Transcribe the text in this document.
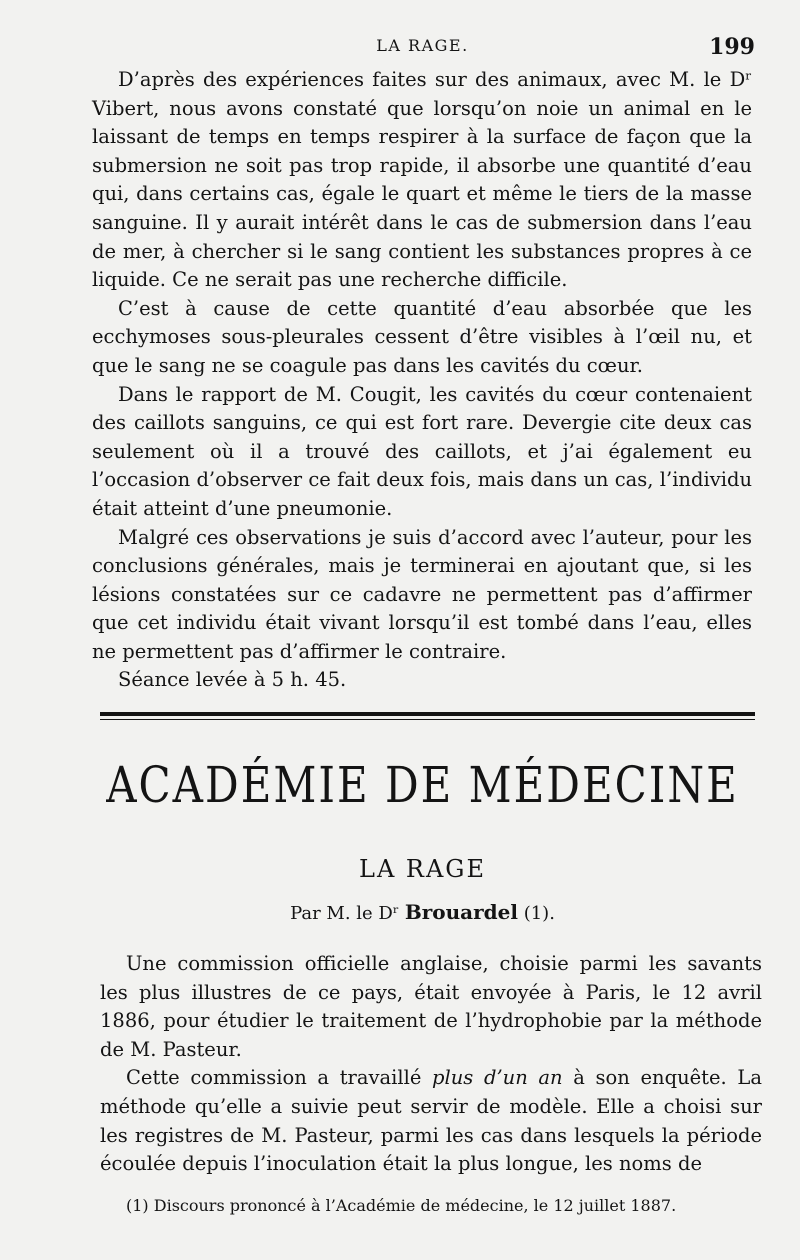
LA RAGE.	199

D’après des expériences faites sur des animaux, avec M. le Dʳ Vibert, nous avons constaté que lorsqu’on noie un animal en le laissant de temps en temps respirer à la surface de façon que la submersion ne soit pas trop rapide, il absorbe une quantité d’eau qui, dans certains cas, égale le quart et même le tiers de la masse sanguine. Il y aurait intérêt dans le cas de submersion dans l’eau de mer, à chercher si le sang contient les substances propres à ce liquide. Ce ne serait pas une recherche difficile.

C’est à cause de cette quantité d’eau absorbée que les ecchymoses sous-pleurales cessent d’être visibles à l’œil nu, et que le sang ne se coagule pas dans les cavités du cœur.

Dans le rapport de M. Cougit, les cavités du cœur contenaient des caillots sanguins, ce qui est fort rare. Devergie cite deux cas seulement où il a trouvé des caillots, et j’ai également eu l’occasion d’observer ce fait deux fois, mais dans un cas, l’individu était atteint d’une pneumonie.

Malgré ces observations je suis d’accord avec l’auteur, pour les conclusions générales, mais je terminerai en ajoutant que, si les lésions constatées sur ce cadavre ne permettent pas d’affirmer que cet individu était vivant lorsqu’il est tombé dans l’eau, elles ne permettent pas d’affirmer le contraire.

Séance levée à 5 h. 45.

ACADÉMIE DE MÉDECINE
LA RAGE
Par M. le Dʳ Brouardel (1).

Une commission officielle anglaise, choisie parmi les savants les plus illustres de ce pays, était envoyée à Paris, le 12 avril 1886, pour étudier le traitement de l’hydrophobie par la méthode de M. Pasteur.

Cette commission a travaillé plus d’un an à son enquête. La méthode qu’elle a suivie peut servir de modèle. Elle a choisi sur les registres de M. Pasteur, parmi les cas dans lesquels la période écoulée depuis l’inoculation était la plus longue, les noms de

(1) Discours prononcé à l’Académie de médecine, le 12 juillet 1887.
